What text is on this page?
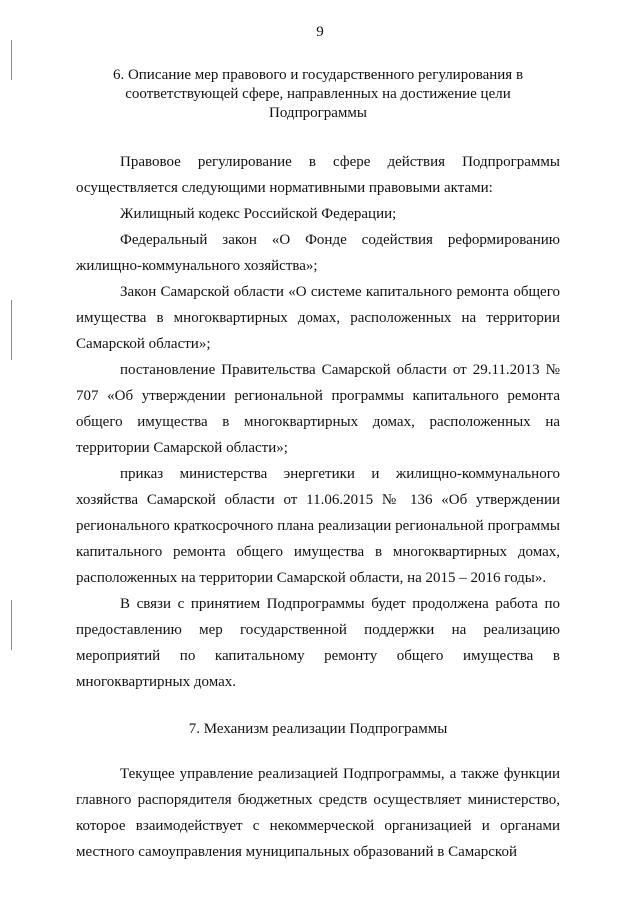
9
6. Описание мер правового и государственного регулирования в
соответствующей сфере, направленных на достижение цели
Подпрограммы

Правовое регулирование в сфере действия Подпрограммы осуществляется следующими нормативными правовыми актами:

Жилищный кодекс Российской Федерации;

Федеральный закон «О Фонде содействия реформированию жилищно-коммунального хозяйства»;

Закон Самарской области «О системе капитального ремонта общего имущества в многоквартирных домах, расположенных на территории Самарской области»;

постановление Правительства Самарской области от 29.11.2013 № 707 «Об утверждении региональной программы капитального ремонта общего имущества в многоквартирных домах, расположенных на территории Самарской области»;

приказ министерства энергетики и жилищно-коммунального хозяйства Самарской области от 11.06.2015 № 136 «Об утверждении регионального краткосрочного плана реализации региональной программы капитального ремонта общего имущества в многоквартирных домах, расположенных на территории Самарской области, на 2015 – 2016 годы».

В связи с принятием Подпрограммы будет продолжена работа по предоставлению мер государственной поддержки на реализацию мероприятий по капитальному ремонту общего имущества в многоквартирных домах.

7. Механизм реализации Подпрограммы

Текущее управление реализацией Подпрограммы, а также функции главного распорядителя бюджетных средств осуществляет министерство, которое взаимодействует с некоммерческой организацией и органами местного самоуправления муниципальных образований в Самарской
